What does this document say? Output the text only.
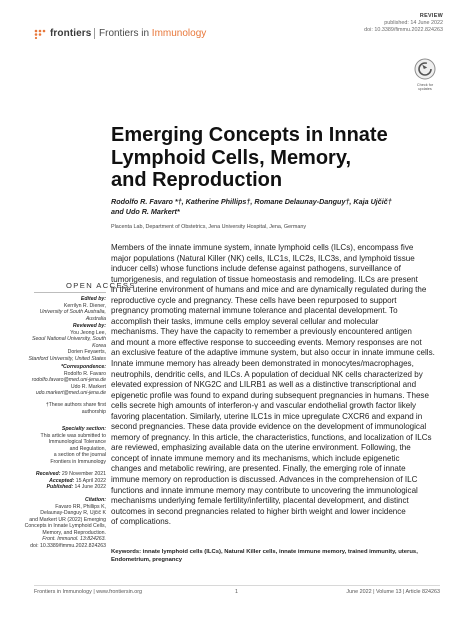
frontiers Frontiers in Immunology
REVIEW
published: 14 June 2022
doi: 10.3389/fimmu.2022.824263
Check for
updates
Emerging Concepts in Innate
Lymphoid Cells, Memory,
and Reproduction
Rodolfo R. Favaro *†, Katherine Phillips†, Romane Delaunay-Danguy†, Kaja Ujčič†
and Udo R. Markert*
Placenta Lab, Department of Obstetrics, Jena University Hospital, Jena, Germany
Members of the innate immune system, innate lymphoid cells (ILCs), encompass five
major populations (Natural Killer (NK) cells, ILC1s, ILC2s, ILC3s, and lymphoid tissue
inducer cells) whose functions include defense against pathogens, surveillance of
tumorigenesis, and regulation of tissue homeostasis and remodeling. ILCs are present
in the uterine environment of humans and mice and are dynamically regulated during the
reproductive cycle and pregnancy. These cells have been repurposed to support
pregnancy promoting maternal immune tolerance and placental development. To
accomplish their tasks, immune cells employ several cellular and molecular
mechanisms. They have the capacity to remember a previously encountered antigen
and mount a more effective response to succeeding events. Memory responses are not
an exclusive feature of the adaptive immune system, but also occur in innate immune cells.
Innate immune memory has already been demonstrated in monocytes/macrophages,
neutrophils, dendritic cells, and ILCs. A population of decidual NK cells characterized by
elevated expression of NKG2C and LILRB1 as well as a distinctive transcriptional and
epigenetic profile was found to expand during subsequent pregnancies in humans. These
cells secrete high amounts of interferon-γ and vascular endothelial growth factor likely
favoring placentation. Similarly, uterine ILC1s in mice upregulate CXCR6 and expand in
second pregnancies. These data provide evidence on the development of immunological
memory of pregnancy. In this article, the characteristics, functions, and localization of ILCs
are reviewed, emphasizing available data on the uterine environment. Following, the
concept of innate immune memory and its mechanisms, which include epigenetic
changes and metabolic rewiring, are presented. Finally, the emerging role of innate
immune memory on reproduction is discussed. Advances in the comprehension of ILC
functions and innate immune memory may contribute to uncovering the immunological
mechanisms underlying female fertility/infertility, placental development, and distinct
outcomes in second pregnancies related to higher birth weight and lower incidence
of complications.
Keywords: innate lymphoid cells (ILCs), Natural Killer cells, innate immune memory, trained immunity, uterus,
Endometrium, pregnancy
OPEN ACCESS
Edited by:
Kerrilyn R. Diener,
University of South Australia, Australia
Reviewed by:
You Jeong Lee,
Seoul National University, South Korea
Dorien Feyaerts,
Stanford University, United States
*Correspondence:
Rodolfo R. Favaro
rodolfo.favaro@med.uni-jena.de
Udo R. Markert
udo.markert@med.uni-jena.de
†These authors share first authorship
Specialty section:
This article was submitted to
Immunological Tolerance
and Regulation,
a section of the journal
Frontiers in Immunology
Received: 29 November 2021
Accepted: 15 April 2022
Published: 14 June 2022
Citation:
Favaro RR, Phillips K,
Delaunay-Danguy R, Ujčič K
and Markert UR (2022) Emerging
Concepts in Innate Lymphoid Cells,
Memory, and Reproduction.
Front. Immunol. 13:824263.
doi: 10.3389/fimmu.2022.824263
Frontiers in Immunology | www.frontiersin.org	1	June 2022 | Volume 13 | Article 824263
